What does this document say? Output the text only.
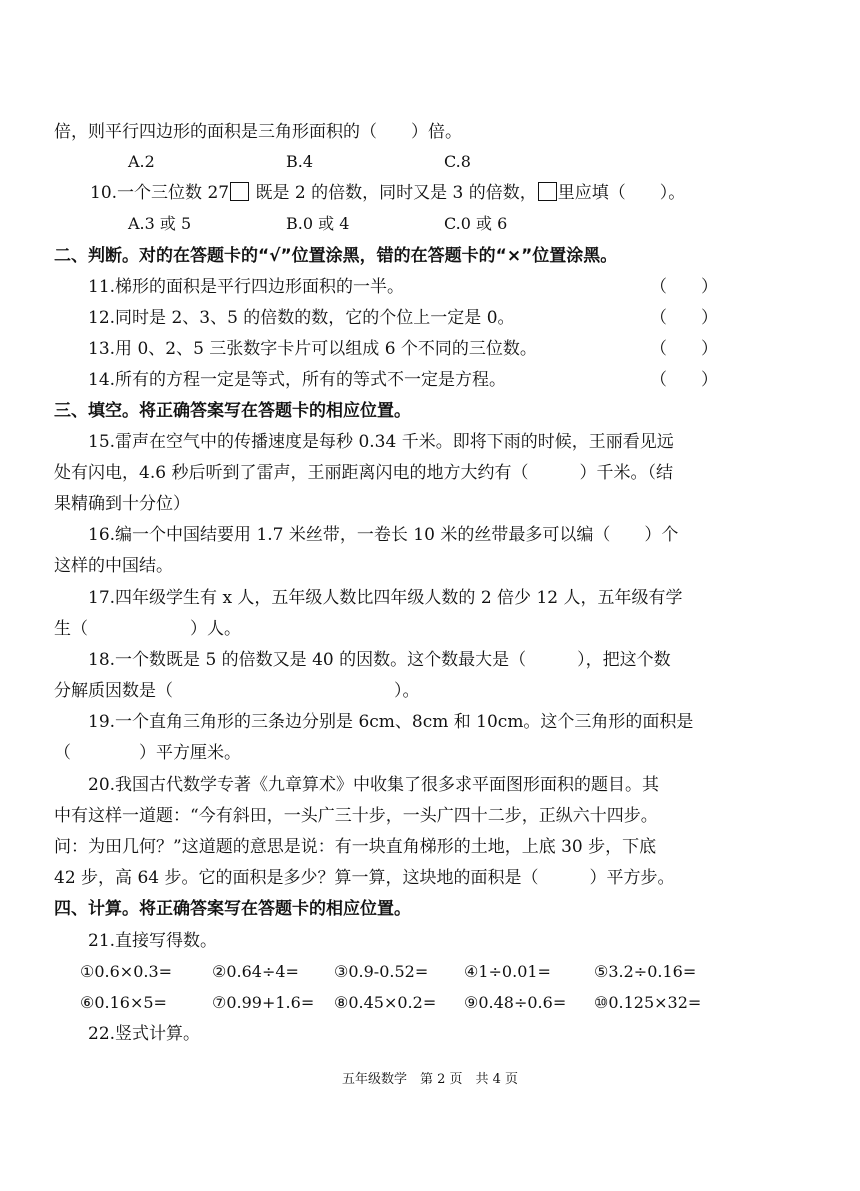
倍，则平行四边形的面积是三角形面积的（　　）倍。
A.2	B.4	C.8
10.一个三位数 27 既是 2 的倍数，同时又是 3 的倍数， 里应填（　　）。
A.3 或 5	B.0 或 4	C.0 或 6
二、判断。对的在答题卡的“√”位置涂黑，错的在答题卡的“×”位置涂黑。
11.梯形的面积是平行四边形面积的一半。	（　　）
12.同时是 2、3、5 的倍数的数，它的个位上一定是 0。	（　　）
13.用 0、2、5 三张数字卡片可以组成 6 个不同的三位数。	（　　）
14.所有的方程一定是等式，所有的等式不一定是方程。	（　　）
三、填空。将正确答案写在答题卡的相应位置。
15.雷声在空气中的传播速度是每秒 0.34 千米。即将下雨的时候，王丽看见远
处有闪电，4.6 秒后听到了雷声，王丽距离闪电的地方大约有（　　　）千米。（结
果精确到十分位）
16.编一个中国结要用 1.7 米丝带，一卷长 10 米的丝带最多可以编（　　）个
这样的中国结。
17.四年级学生有 x 人，五年级人数比四年级人数的 2 倍少 12 人，五年级有学
生（　　　　　　）人。
18.一个数既是 5 的倍数又是 40 的因数。这个数最大是（　　　），把这个数
分解质因数是（　　　　　　　　　　　　　）。
19.一个直角三角形的三条边分别是 6cm、8cm 和 10cm。这个三角形的面积是
（　　　　）平方厘米。
20.我国古代数学专著《九章算术》中收集了很多求平面图形面积的题目。其
中有这样一道题：“今有斜田，一头广三十步，一头广四十二步，正纵六十四步。
问：为田几何？”这道题的意思是说：有一块直角梯形的土地，上底 30 步，下底
42 步，高 64 步。它的面积是多少？算一算，这块地的面积是（　　　）平方步。
四、计算。将正确答案写在答题卡的相应位置。
21.直接写得数。
①0.6×0.3= ②0.64÷4= ③0.9-0.52= ④1÷0.01=	⑤3.2÷0.16=
⑥0.16×5=	⑦0.99+1.6= ⑧0.45×0.2= ⑨0.48÷0.6= ⑩0.125×32=
22.竖式计算。
五年级数学　第 2 页　共 4 页
